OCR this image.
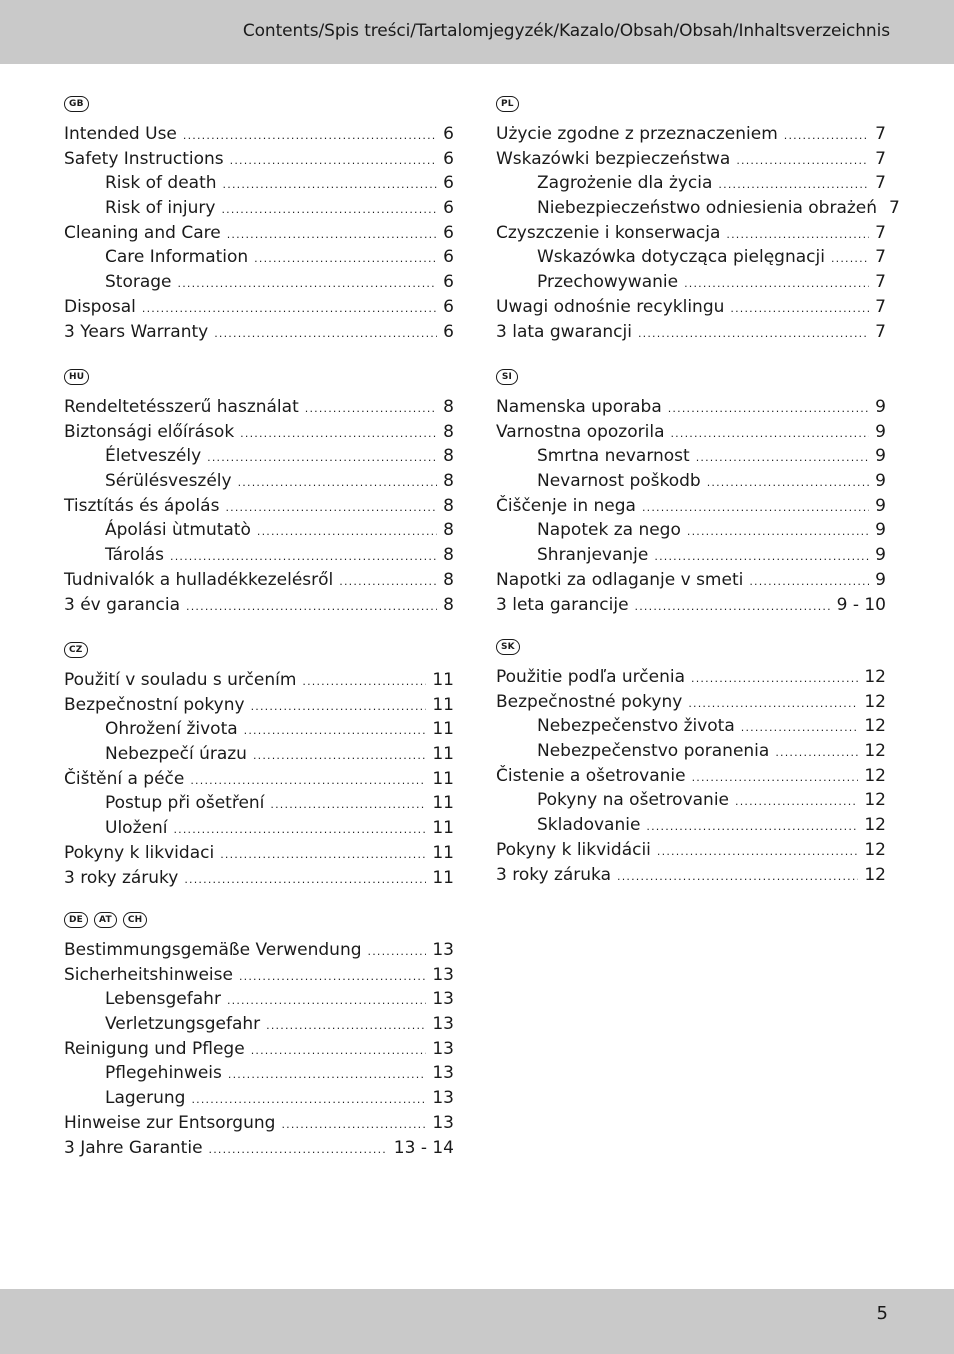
Contents/Spis treści/Tartalomjegyzék/Kazalo/Obsah/Obsah/Inhaltsverzeichnis
GB
Intended Use .....	6
Safety Instructions .....	6
Risk of death .....	6
Risk of injury .....	6
Cleaning and Care .....	6
Care Information .....	6
Storage .....	6
Disposal .....	6
3 Years Warranty .....	6
HU
Rendeltetésszerű használat .....	8
Biztonsági előírások .....	8
Életveszély .....	8
Sérülésveszély .....	8
Tisztítás és ápolás .....	8
Ápolási ùtmutatò .....	8
Tárolás .....	8
Tudnivalók a hulladékkezelésről .....	8
3 év garancia .....	8
CZ
Použití v souladu s určením .....	11
Bezpečnostní pokyny .....	11
Ohrožení života .....	11
Nebezpečí úrazu .....	11
Čištění a péče .....	11
Postup při ošetření .....	11
Uložení .....	11
Pokyny k likvidaci .....	11
3 roky záruky .....	11
DE	AT	CH
Bestimmungsgemäße Verwendung .....	13
Sicherheitshinweise .....	13
Lebensgefahr .....	13
Verletzungsgefahr .....	13
Reinigung und Pflege .....	13
Pflegehinweis .....	13
Lagerung .....	13
Hinweise zur Entsorgung .....	13
3 Jahre Garantie .....	13 - 14
PL
Użycie zgodne z przeznaczeniem .....	7
Wskazówki bezpieczeństwa .....	7
Zagrożenie dla życia .....	7
Niebezpieczeństwo odniesienia obrażeń 7
Czyszczenie i konserwacja .....	7
Wskazówka dotycząca pielęgnacji .....	7
Przechowywanie .....	7
Uwagi odnośnie recyklingu .....	7
3 lata gwarancji .....	7
SI
Namenska uporaba .....	9
Varnostna opozorila .....	9
Smrtna nevarnost .....	9
Nevarnost poškodb .....	9
Čiščenje in nega .....	9
Napotek za nego .....	9
Shranjevanje .....	9
Napotki za odlaganje v smeti .....	9
3 leta garancije .....	9 - 10
SK
Použitie podľa určenia .....	12
Bezpečnostné pokyny .....	12
Nebezpečenstvo života .....	12
Nebezpečenstvo poranenia .....	12
Čistenie a ošetrovanie .....	12
Pokyny na ošetrovanie .....	12
Skladovanie .....	12
Pokyny k likvidácii .....	12
3 roky záruka .....	12
5
